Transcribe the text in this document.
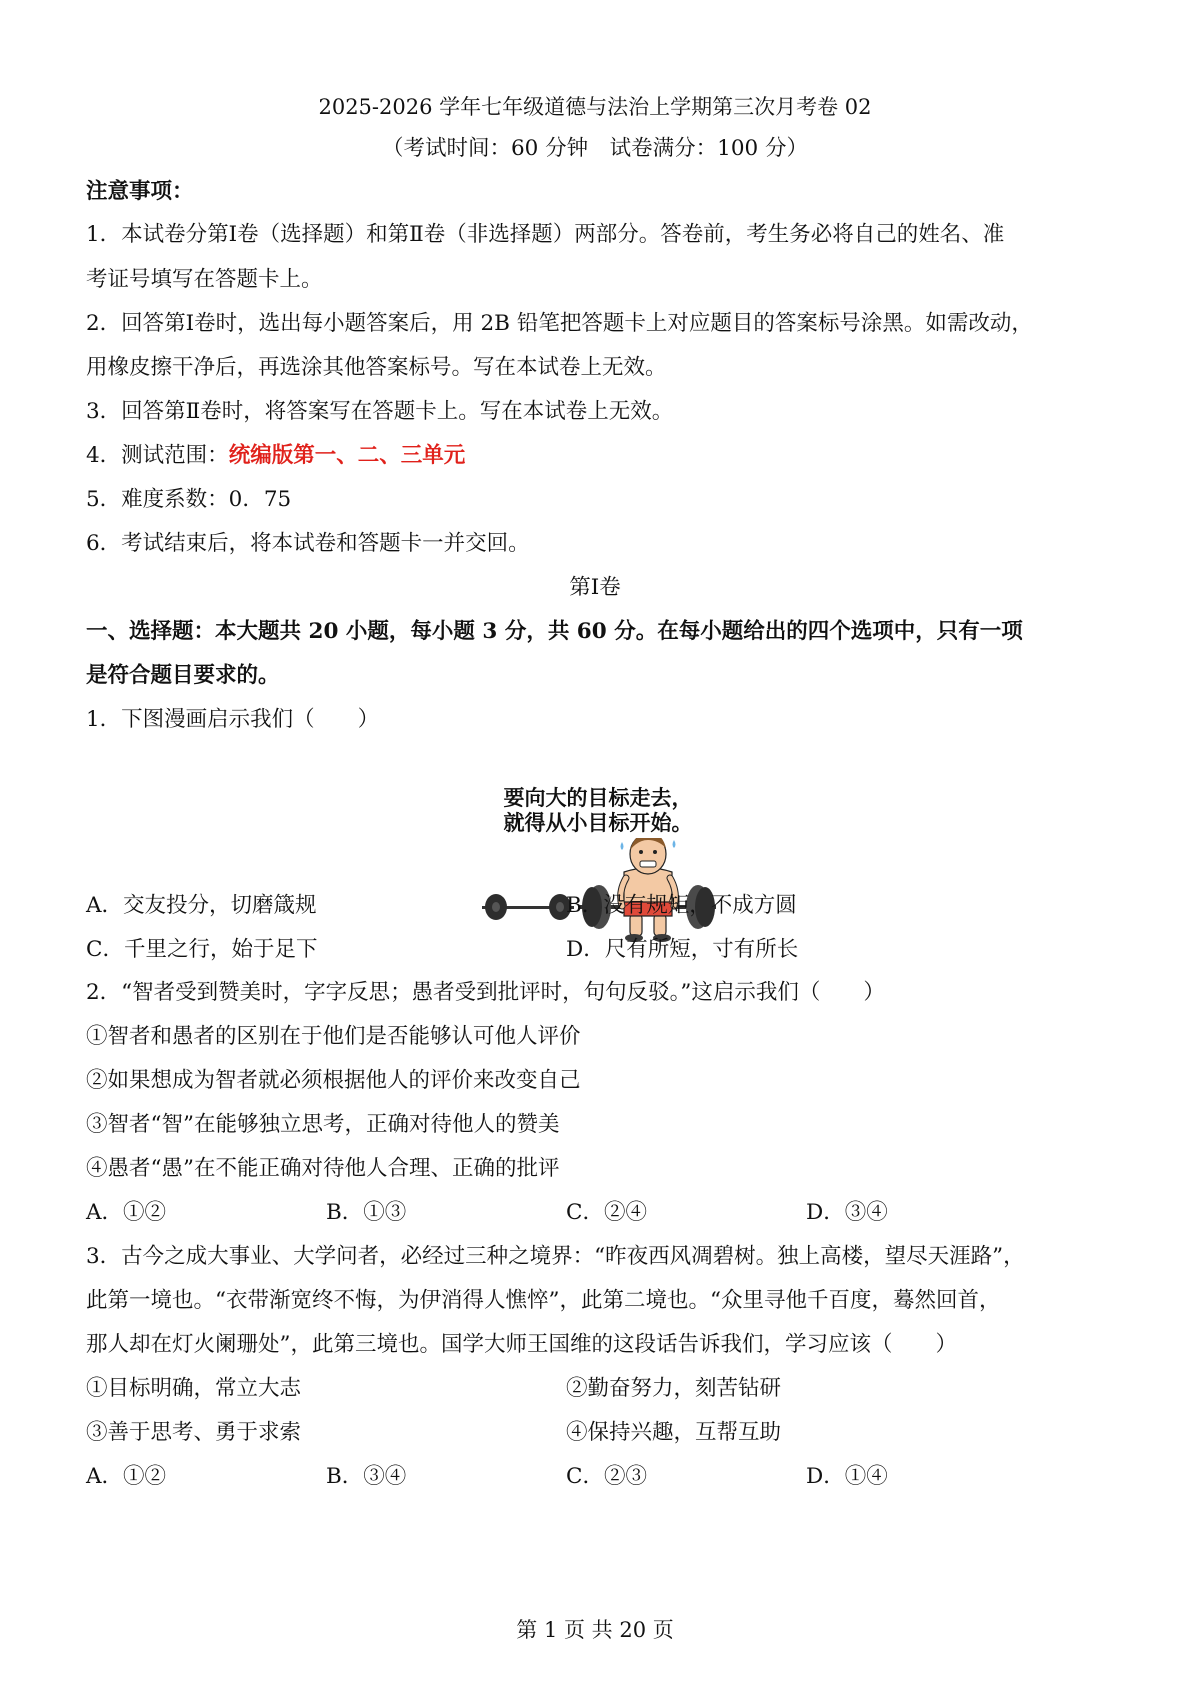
2025-2026 学年七年级道德与法治上学期第三次月考卷 02
（考试时间：60 分钟　试卷满分：100 分）
注意事项：
1．本试卷分第Ⅰ卷（选择题）和第Ⅱ卷（非选择题）两部分。答卷前，考生务必将自己的姓名、准
考证号填写在答题卡上。
2．回答第Ⅰ卷时，选出每小题答案后，用 2B 铅笔把答题卡上对应题目的答案标号涂黑。如需改动，
用橡皮擦干净后，再选涂其他答案标号。写在本试卷上无效。
3．回答第Ⅱ卷时，将答案写在答题卡上。写在本试卷上无效。
4．测试范围：统编版第一、二、三单元
5．难度系数：0．75
6．考试结束后，将本试卷和答题卡一并交回。
第Ⅰ卷
一、选择题：本大题共 20 小题，每小题 3 分，共 60 分。在每小题给出的四个选项中，只有一项
是符合题目要求的。
1．下图漫画启示我们（　　）
要向大的目标走去，
就得从小目标开始。
A．交友投分，切磨箴规	B．没有规矩，不成方圆
C．千里之行，始于足下	D．尺有所短，寸有所长
2．“智者受到赞美时，字字反思；愚者受到批评时，句句反驳。”这启示我们（　　）
①智者和愚者的区别在于他们是否能够认可他人评价
②如果想成为智者就必须根据他人的评价来改变自己
③智者“智”在能够独立思考，正确对待他人的赞美
④愚者“愚”在不能正确对待他人合理、正确的批评
A．①②	B．①③	C．②④	D．③④
3．古今之成大事业、大学问者，必经过三种之境界：“昨夜西风凋碧树。独上高楼，望尽天涯路”，
此第一境也。“衣带渐宽终不悔，为伊消得人憔悴”，此第二境也。“众里寻他千百度，蓦然回首，
那人却在灯火阑珊处”，此第三境也。国学大师王国维的这段话告诉我们，学习应该（　　）
①目标明确，常立大志	②勤奋努力，刻苦钻研
③善于思考、勇于求索	④保持兴趣，互帮互助
A．①②	B．③④	C．②③	D．①④
第 1 页 共 20 页
